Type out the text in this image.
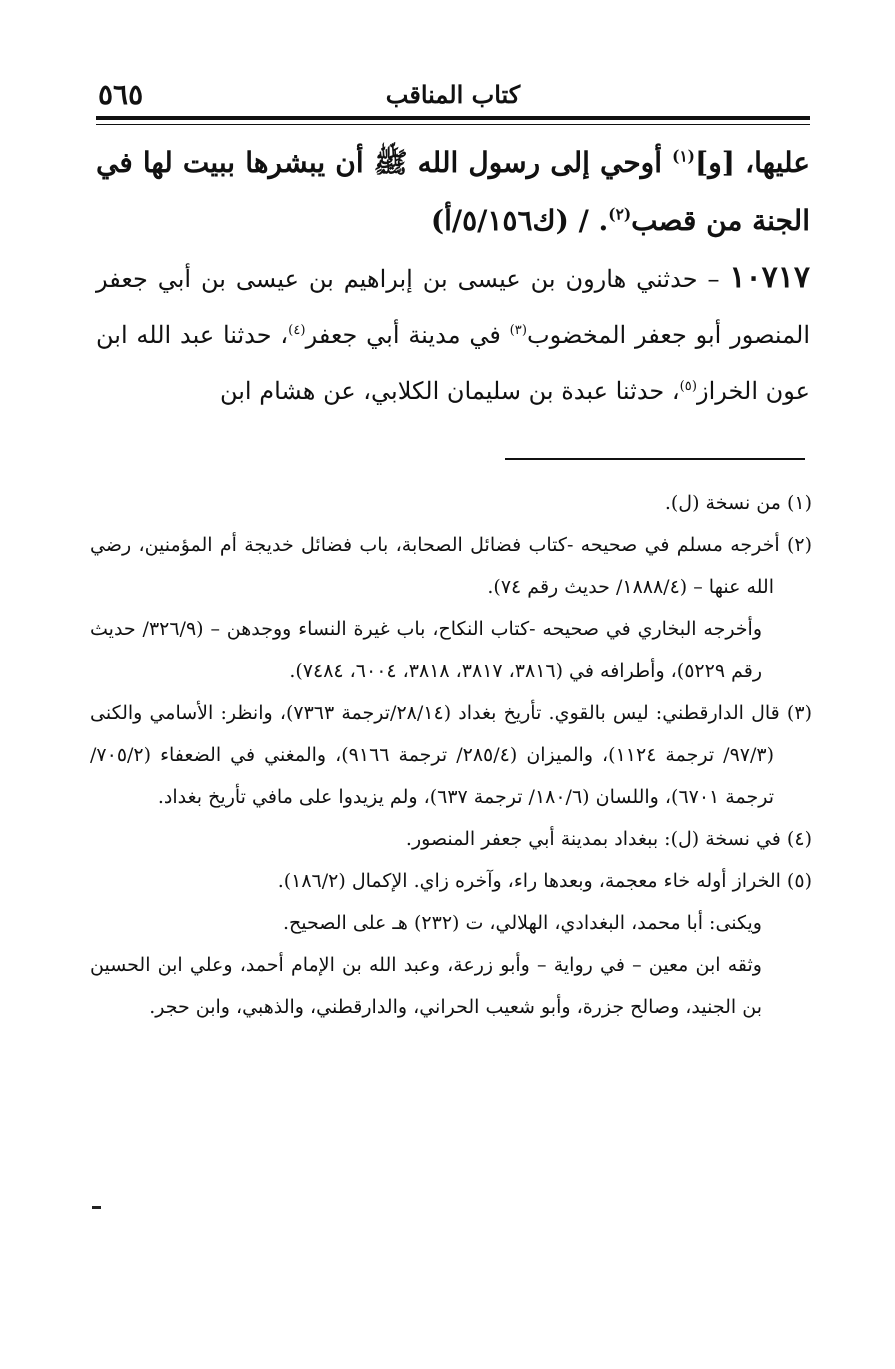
كتاب المناقب
٥٦٥
عليها، [و]$^{(١)}$ أوحي إلى رسول الله ﷺ أن يبشرها ببيت لها في الجنة من قصب$^{(٢)}$. / (ك٥/١٥٦/أ)
١٠٧١٧ – حدثني هارون بن عيسى بن إبراهيم بن عيسى بن أبي جعفر المنصور أبو جعفر المخضوب$^{(٣)}$ في مدينة أبي جعفر$^{(٤)}$، حدثنا عبد الله ابن عون الخراز$^{(٥)}$، حدثنا عبدة بن سليمان الكلابي، عن هشام ابن

(١) من نسخة (ل).

(٢) أخرجه مسلم في صحيحه -كتاب فضائل الصحابة، باب فضائل خديجة أم المؤمنين، رضي الله عنها – (١٨٨٨/٤/ حديث رقم ٧٤).

وأخرجه البخاري في صحيحه -كتاب النكاح، باب غيرة النساء ووجدهن – (٣٢٦/٩/ حديث رقم ٥٢٢٩)، وأطرافه في (٣٨١٦، ٣٨١٧، ٣٨١٨، ٦٠٠٤، ٧٤٨٤).

(٣) قال الدارقطني: ليس بالقوي. تأريخ بغداد (٢٨/١٤/ترجمة ٧٣٦٣)، وانظر: الأسامي والكنى (٩٧/٣/ ترجمة ١١٢٤)، والميزان (٢٨٥/٤/ ترجمة ٩١٦٦)، والمغني في الضعفاء (٧٠٥/٢/ ترجمة ٦٧٠١)، واللسان (١٨٠/٦/ ترجمة ٦٣٧)، ولم يزيدوا على مافي تأريخ بغداد.

(٤) في نسخة (ل): ببغداد بمدينة أبي جعفر المنصور.

(٥) الخراز أوله خاء معجمة، وبعدها راء، وآخره زاي. الإكمال (١٨٦/٢).

ويكنى: أبا محمد، البغدادي، الهلالي، ت (٢٣٢) هـ على الصحيح.

وثقه ابن معين – في رواية – وأبو زرعة، وعبد الله بن الإمام أحمد، وعلي ابن الحسين بن الجنيد، وصالح جزرة، وأبو شعيب الحراني، والدارقطني، والذهبي، وابن حجر.
